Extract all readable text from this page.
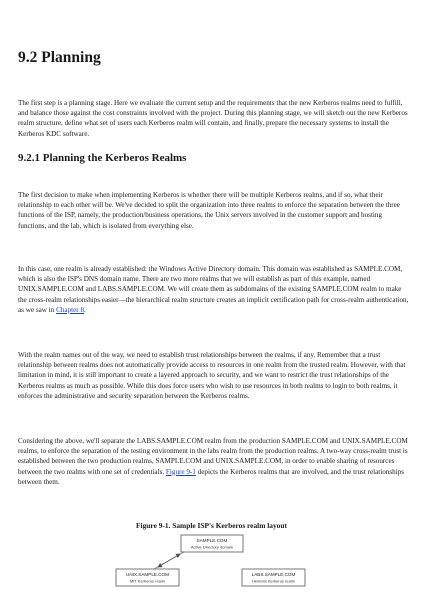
9.2 Planning

The first step is a planning stage. Here we evaluate the current setup and the requirements that the new Kerberos realms need to fulfill, and balance those against the cost constraints involved with the project. During this planning stage, we will sketch out the new Kerberos realm structure, define what set of users each Kerberos realm will contain, and finally, prepare the necessary systems to install the Kerberos KDC software.

9.2.1 Planning the Kerberos Realms

The first decision to make when implementing Kerberos is whether there will be multiple Kerberos realms, and if so, what their relationship to each other will be. We've decided to split the organization into three realms to enforce the separation between the three functions of the ISP, namely, the production/business operations, the Unix servers involved in the customer support and hosting functions, and the lab, which is isolated from everything else.

In this case, one realm is already established: the Windows Active Directory domain. This domain was established as SAMPLE.COM, which is also the ISP's DNS domain name. There are two more realms that we will establish as part of this example, named UNIX.SAMPLE.COM and LABS.SAMPLE.COM. We will create them as subdomains of the existing SAMPLE.COM realm to make the cross-realm relationships easier—the hierarchical realm structure creates an implicit certification path for cross-realm authentication, as we saw in Chapter 8.

With the realm names out of the way, we need to establish trust relationships between the realms, if any. Remember that a trust relationship between realms does not automatically provide access to resources in one realm from the trusted realm. However, with that limitation in mind, it is still important to create a layered approach to security, and we want to restrict the trust relationships of the Kerberos realms as much as possible. While this does force users who wish to use resources in both realms to login to both realms, it enforces the administrative and security separation between the Kerberos realms.

Considering the above, we'll separate the LABS.SAMPLE.COM realm from the production SAMPLE.COM and UNIX.SAMPLE.COM realms, to enforce the separation of the testing environment in the labs realm from the production realms. A two-way cross-realm trust is established between the two production realms, SAMPLE.COM and UNIX.SAMPLE.COM, in order to enable sharing of resources between the two realms with one set of credentials. Figure 9-1 depicts the Kerberos realms that are involved, and the trust relationships between them.

Figure 9-1. Sample ISP's Kerberos realm layout

SAMPLE.COM
Active Directory domain
UNIX.SAMPLE.COM
MIT Kerberos realm
LABS.SAMPLE.COM
Heimdal Kerberos realm
